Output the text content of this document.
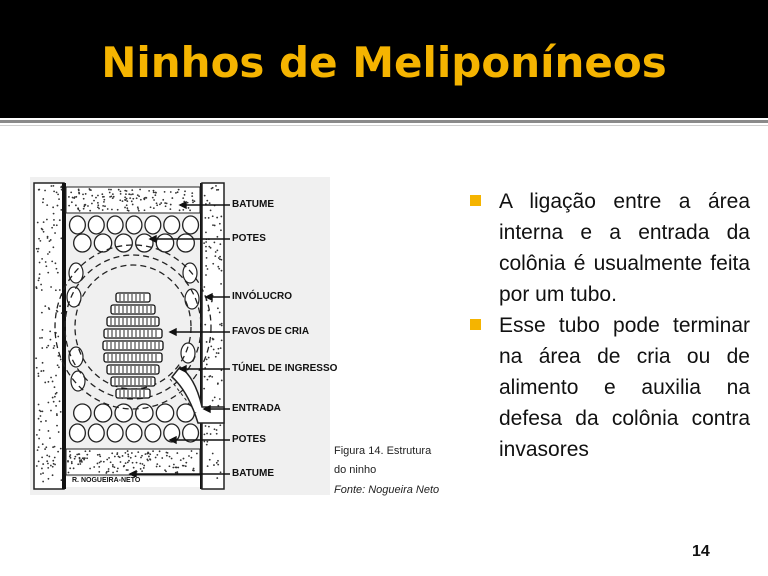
Ninhos de Meliponíneos
BATUME
POTES
INVÓLUCRO
FAVOS DE CRIA
TÚNEL DE INGRESSO
ENTRADA
POTES
BATUME
R. NOGUEIRA-NETO
Figura 14. Estrutura
do ninho
Fonte: Nogueira Neto
A ligação entre a área interna e a entrada da colônia é usualmente feita por um tubo.
Esse tubo pode terminar na área de cria ou de alimento e auxilia na defesa da colônia contra invasores
14
